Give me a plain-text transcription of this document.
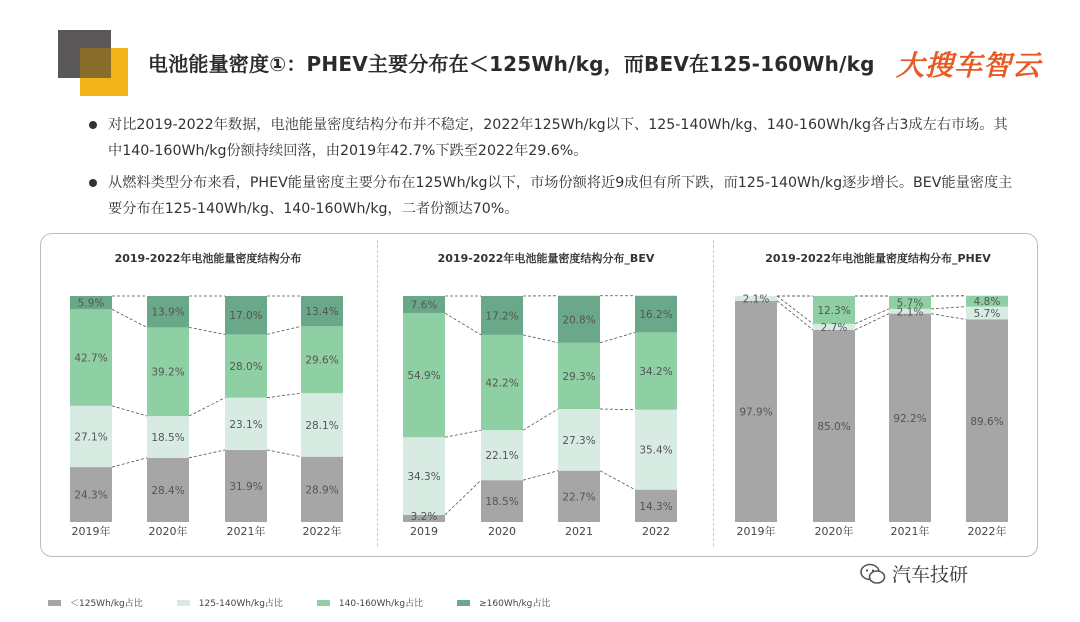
电池能量密度①：PHEV主要分布在＜125Wh/kg，而BEV在125-160Wh/kg 大搜车智云
对比2019-2022年数据，电池能量密度结构分布并不稳定，2022年125Wh/kg以下、125-140Wh/kg、140-160Wh/kg各占3成左右市场。其中140-160Wh/kg份额持续回落，由2019年42.7%下跌至2022年29.6%。
从燃料类型分布来看，PHEV能量密度主要分布在125Wh/kg以下，市场份额将近9成但有所下跌，而125-140Wh/kg逐步增长。BEV能量密度主要分布在125-140Wh/kg、140-160Wh/kg，二者份额达70%。
2019-2022年电池能量密度结构分布
24.3%
27.1%
42.7%
5.9%
2019年
28.4%
18.5%
39.2%
13.9%
2020年
31.9%
23.1%
28.0%
17.0%
2021年
28.9%
28.1%
29.6%
13.4%
2022年
2019-2022年电池能量密度结构分布_BEV
3.2%
34.3%
54.9%
7.6%
2019
18.5%
22.1%
42.2%
17.2%
2020
22.7%
27.3%
29.3%
20.8%
2021
14.3%
35.4%
34.2%
16.2%
2022
2019-2022年电池能量密度结构分布_PHEV
97.9%
2.1%
2019年
85.0%
2.7%
12.3%
2020年
92.2%
2.1%
5.7%
2021年
89.6%
5.7%
4.8%
2022年
＜125Wh/kg占比	125-140Wh/kg占比	140-160Wh/kg占比	≥160Wh/kg占比
汽车技研
